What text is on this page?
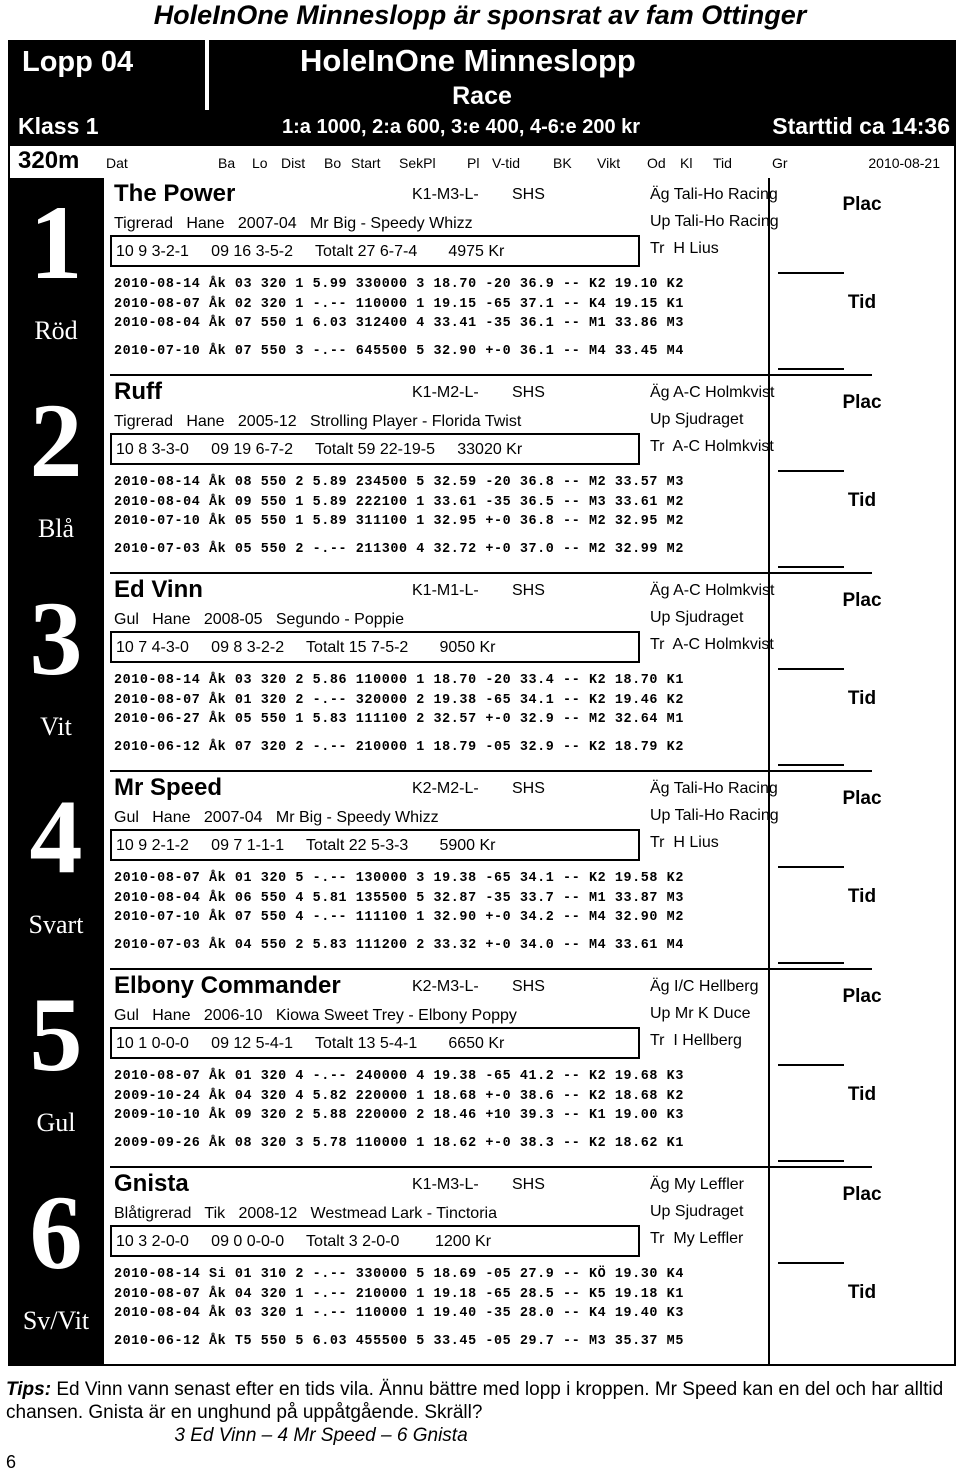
HoleInOne Minneslopp är sponsrat av fam Ottinger
Lopp 04	HoleInOne Minneslopp
Race
Klass 1	1:a 1000, 2:a 600, 3:e 400, 4-6:e 200 kr	Starttid ca 14:36
320m Dat	Ba Lo Dist Bo Start SekPl Pl V-tid BK Vikt Od Kl Tid	Gr	2010-08-21
1
Röd
2
Blå
3
Vit
4
Svart
5
Gul
6
Sv/Vit
The Power	K1-M3-L- SHS
Tigrerad   Hane   2007-04   Mr Big - Speedy Whizz
10 9 3-2-1     09 16 3-5-2     Totalt 27 6-7-4       4975 Kr
Äg Tali-Ho Racing
Up Tali-Ho Racing
Tr  H Lius
2010-08-14 Åk 03 320 1 5.99 330000 3 18.70 -20 36.9 -- K2 19.10 K2
2010-08-07 Åk 02 320 1 -.-- 110000 1 19.15 -65 37.1 -- K4 19.15 K1
2010-08-04 Åk 07 550 1 6.03 312400 4 33.41 -35 36.1 -- M1 33.86 M3
2010-07-10 Åk 07 550 3 -.-- 645500 5 32.90 +-0 36.1 -- M4 33.45 M4
Plac
Tid
Ruff	K1-M2-L- SHS
Tigrerad   Hane   2005-12   Strolling Player - Florida Twist
10 8 3-3-0     09 19 6-7-2     Totalt 59 22-19-5     33020 Kr
Äg A-C Holmkvist
Up Sjudraget
Tr  A-C Holmkvist
2010-08-14 Åk 08 550 2 5.89 234500 5 32.59 -20 36.8 -- M2 33.57 M3
2010-08-04 Åk 09 550 1 5.89 222100 1 33.61 -35 36.5 -- M3 33.61 M2
2010-07-10 Åk 05 550 1 5.89 311100 1 32.95 +-0 36.8 -- M2 32.95 M2
2010-07-03 Åk 05 550 2 -.-- 211300 4 32.72 +-0 37.0 -- M2 32.99 M2
Plac
Tid
Ed Vinn	K1-M1-L- SHS
Gul   Hane   2008-05   Segundo - Poppie
10 7 4-3-0     09 8 3-2-2     Totalt 15 7-5-2       9050 Kr
Äg A-C Holmkvist
Up Sjudraget
Tr  A-C Holmkvist
2010-08-14 Åk 03 320 2 5.86 110000 1 18.70 -20 33.4 -- K2 18.70 K1
2010-08-07 Åk 01 320 2 -.-- 320000 2 19.38 -65 34.1 -- K2 19.46 K2
2010-06-27 Åk 05 550 1 5.83 111100 2 32.57 +-0 32.9 -- M2 32.64 M1
2010-06-12 Åk 07 320 2 -.-- 210000 1 18.79 -05 32.9 -- K2 18.79 K2
Plac
Tid
Mr Speed	K2-M2-L- SHS
Gul   Hane   2007-04   Mr Big - Speedy Whizz
10 9 2-1-2     09 7 1-1-1     Totalt 22 5-3-3       5900 Kr
Äg Tali-Ho Racing
Up Tali-Ho Racing
Tr  H Lius
2010-08-07 Åk 01 320 5 -.-- 130000 3 19.38 -65 34.1 -- K2 19.58 K2
2010-08-04 Åk 06 550 4 5.81 135500 5 32.87 -35 33.7 -- M1 33.87 M3
2010-07-10 Åk 07 550 4 -.-- 111100 1 32.90 +-0 34.2 -- M4 32.90 M2
2010-07-03 Åk 04 550 2 5.83 111200 2 33.32 +-0 34.0 -- M4 33.61 M4
Plac
Tid
Elbony Commander	K2-M3-L- SHS
Gul   Hane   2006-10   Kiowa Sweet Trey - Elbony Poppy
10 1 0-0-0     09 12 5-4-1     Totalt 13 5-4-1       6650 Kr
Äg I/C Hellberg
Up Mr K Duce
Tr  I Hellberg
2010-08-07 Åk 01 320 4 -.-- 240000 4 19.38 -65 41.2 -- K2 19.68 K3
2009-10-24 Åk 04 320 4 5.82 220000 1 18.68 +-0 38.6 -- K2 18.68 K2
2009-10-10 Åk 09 320 2 5.88 220000 2 18.46 +10 39.3 -- K1 19.00 K3
2009-09-26 Åk 08 320 3 5.78 110000 1 18.62 +-0 38.3 -- K2 18.62 K1
Plac
Tid
Gnista	K1-M3-L- SHS
Blåtigrerad   Tik   2008-12   Westmead Lark - Tinctoria
10 3 2-0-0     09 0 0-0-0     Totalt 3 2-0-0        1200 Kr
Äg My Leffler
Up Sjudraget
Tr  My Leffler
2010-08-14 Si 01 310 2 -.-- 330000 5 18.69 -05 27.9 -- KÖ 19.30 K4
2010-08-07 Åk 04 320 1 -.-- 210000 1 19.18 -65 28.5 -- K5 19.18 K1
2010-08-04 Åk 03 320 1 -.-- 110000 1 19.40 -35 28.0 -- K4 19.40 K3
2010-06-12 Åk T5 550 5 6.03 455500 5 33.45 -05 29.7 -- M3 35.37 M5
Plac
Tid
Tips: Ed Vinn vann senast efter en tids vila. Ännu bättre med lopp i kroppen. Mr Speed kan en del och har alltid chansen. Gnista är en unghund på uppåtgående. Skräll?
3 Ed Vinn – 4 Mr Speed – 6 Gnista
6
